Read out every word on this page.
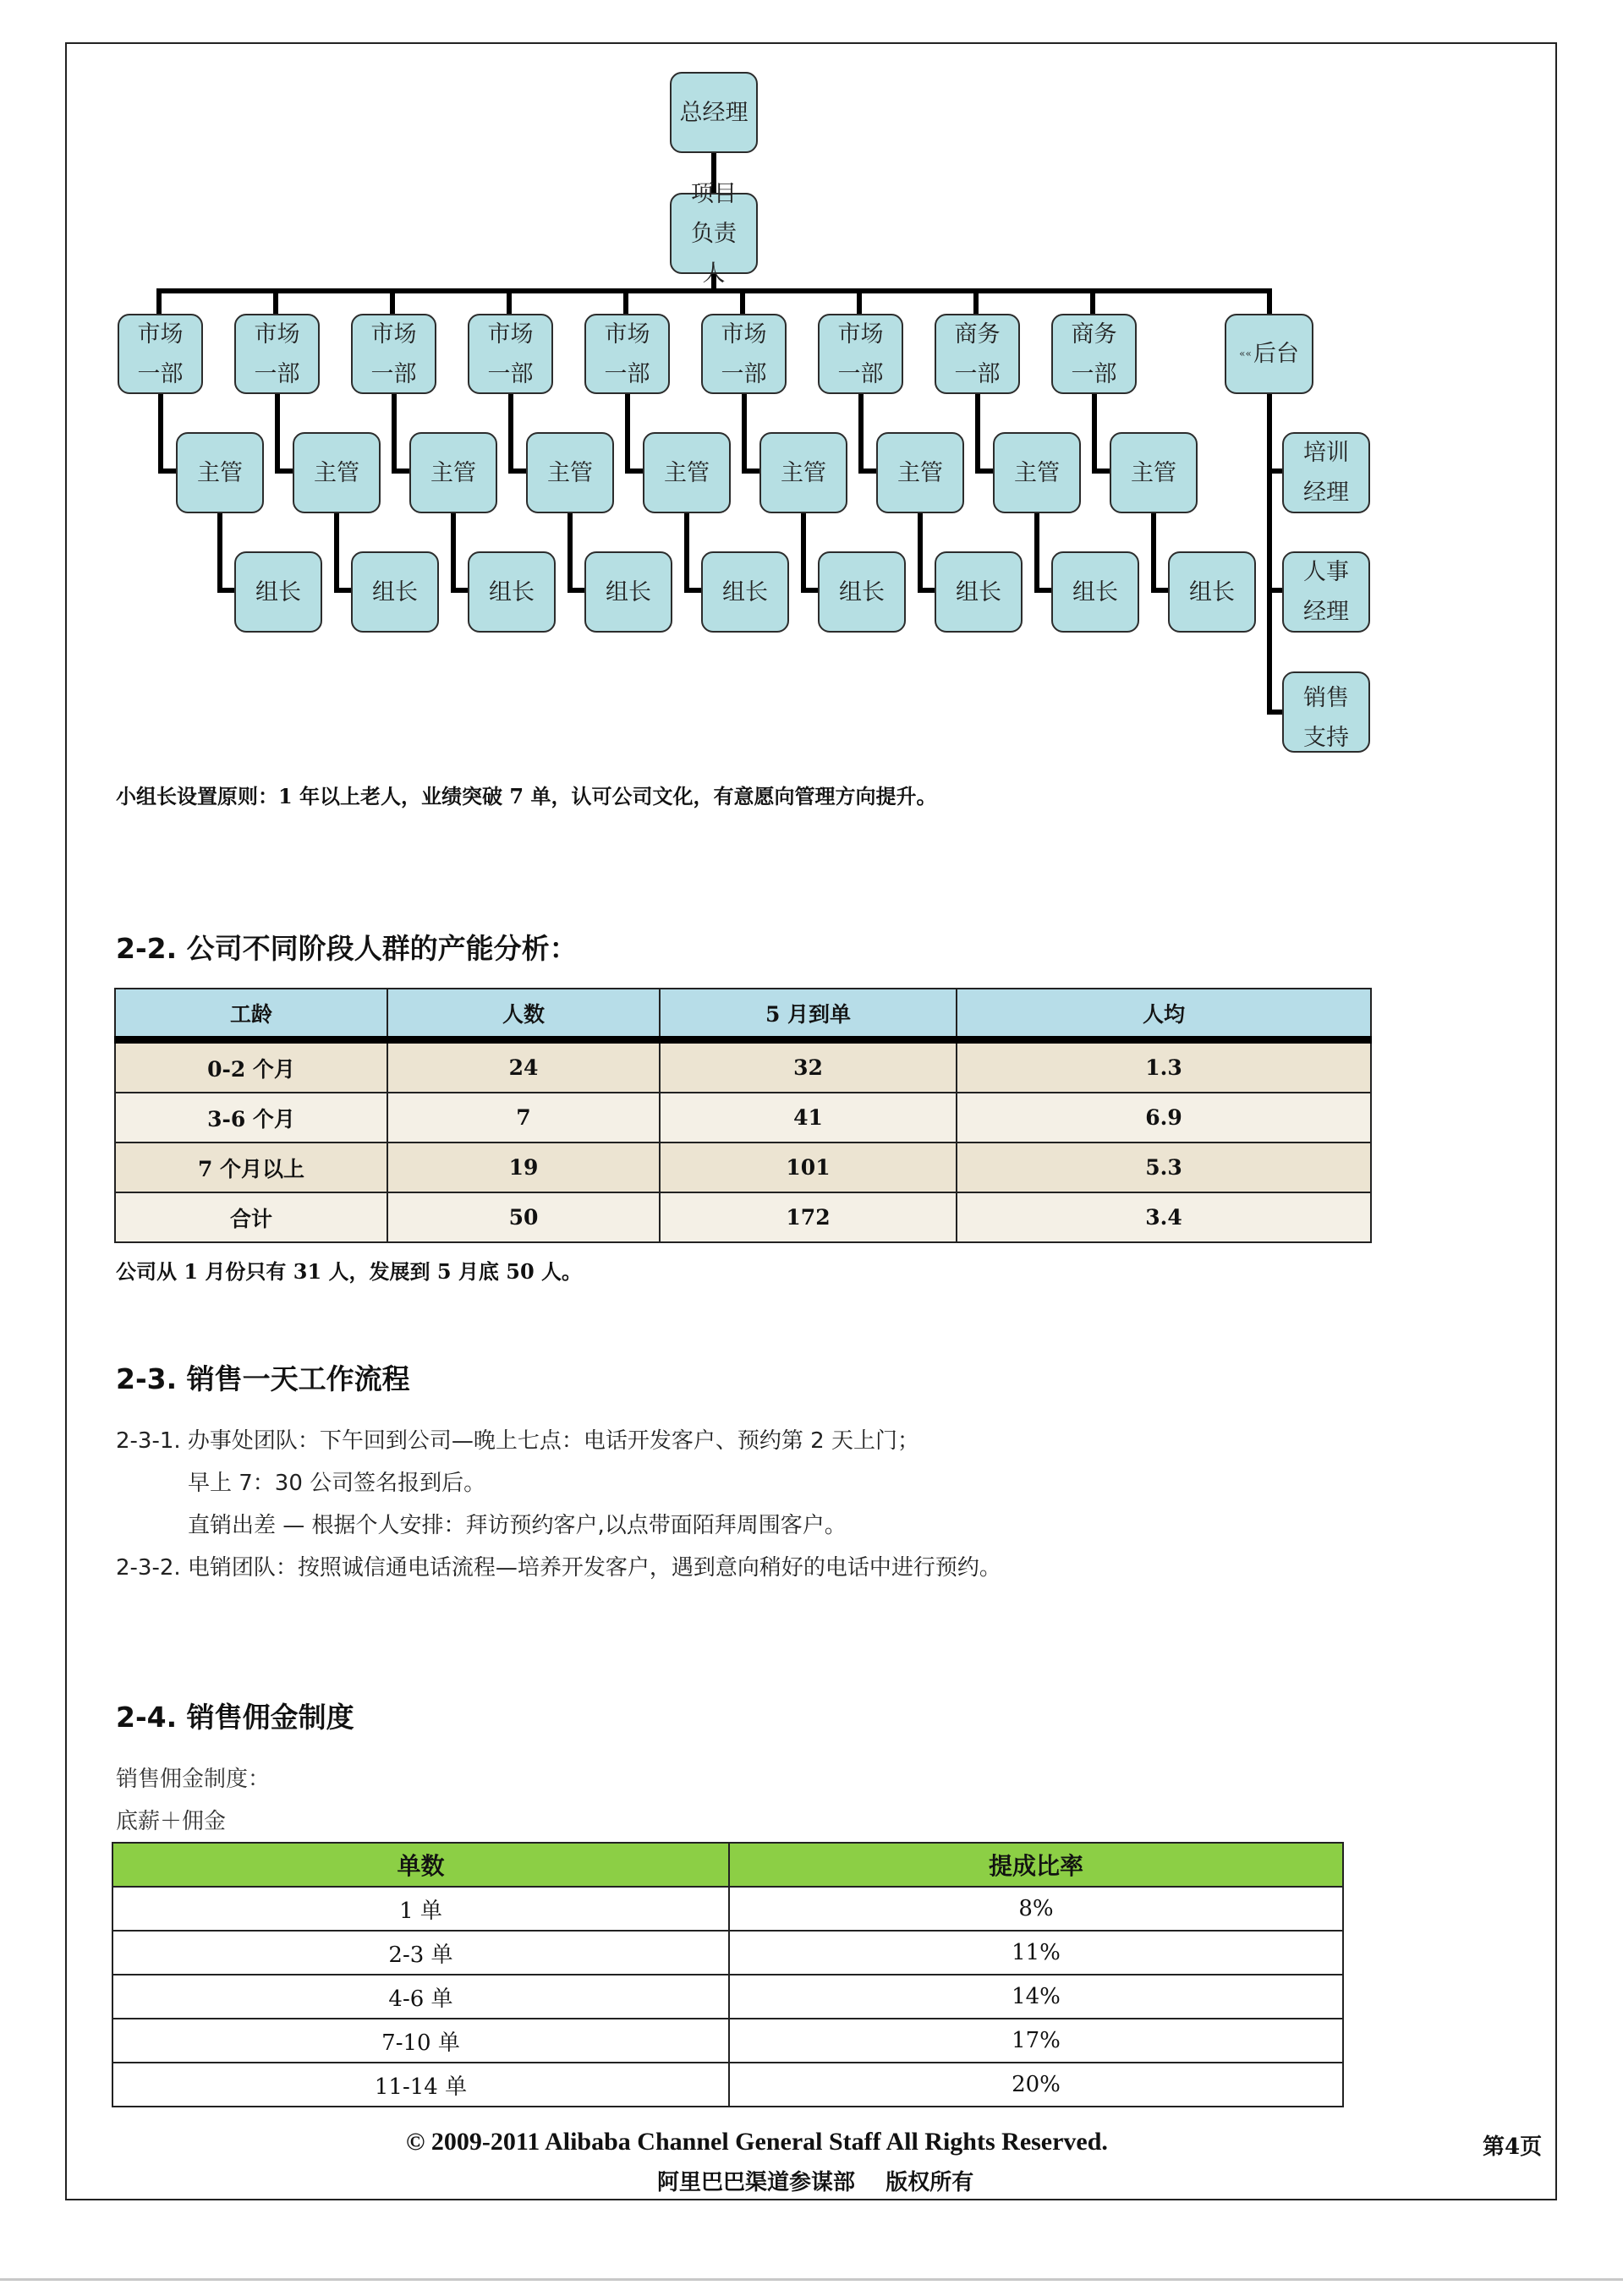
总经理
项目负责人
市场一部
市场一部
市场一部
市场一部
市场一部
市场一部
市场一部
商务一部
商务一部
«« 后台
主管	主管	主管	主管	主管	主管	主管	主管	主管
组长	组长	组长	组长	组长	组长	组长	组长	组长
培训经理
人事经理
销售支持
小组长设置原则：1 年以上老人，业绩突破 7 单，认可公司文化，有意愿向管理方向提升。
2-2. 公司不同阶段人群的产能分析：
工龄	人数	5 月到单	人均
0-2 个月	24	32	1.3
3-6 个月	7	41	6.9
7 个月以上	19	101	5.3
合计	50	172	3.4
公司从 1 月份只有 31 人，发展到 5 月底 50 人。
2-3. 销售一天工作流程
2-3-1. 办事处团队：下午回到公司—晚上七点：电话开发客户、预约第 2 天上门；
早上 7：30 公司签名报到后。
直销出差 — 根据个人安排：拜访预约客户,以点带面陌拜周围客户。
2-3-2. 电销团队：按照诚信通电话流程—培养开发客户，遇到意向稍好的电话中进行预约。
2-4. 销售佣金制度
销售佣金制度：
底薪＋佣金
单数	提成比率
1 单	8%
2-3 单	11%
4-6 单	14%
7-10 单	17%
11-14 单	20%
© 2009-2011 Alibaba Channel General Staff All Rights Reserved.
阿里巴巴渠道参谋部    版权所有
第4页
